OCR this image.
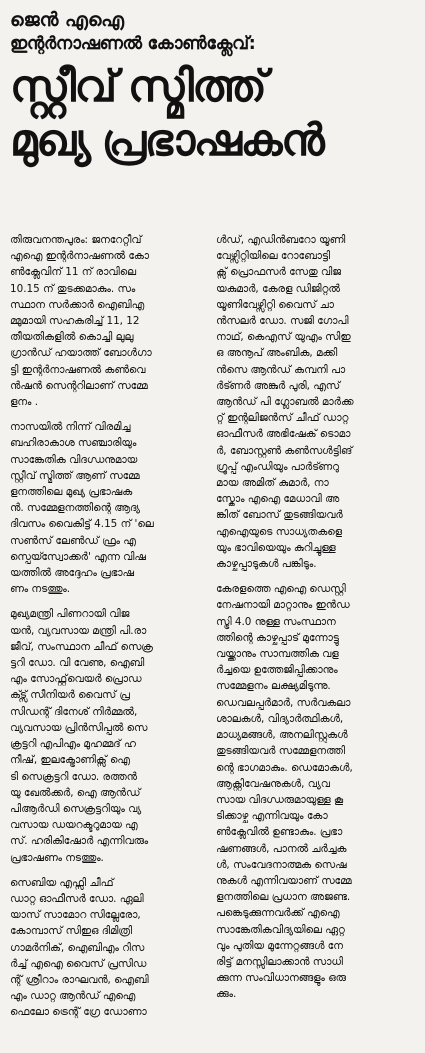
ജെൻ എഐ
ഇന്റർനാഷണൽ കോൺക്ലേവ്:
സ്റ്റീവ് സ്മിത്ത്
മുഖ്യ പ്രഭാഷകൻ

തിരുവനന്തപുരം: ജനറേറ്റീവ്
എഐ ഇന്റർനാഷണൽ കോ
ൺക്ലേവിന് 11 ന് രാവിലെ
10.15 ന് തുടക്കമാകും. സം
സ്ഥാന സർക്കാർ ഐബിഎ
മ്മുമായി സഹകരിച്ച് 11, 12
തീയതികളിൽ കൊച്ചി ലുലു
ഗ്രാൻഡ് ഹയാത്ത് ബോൾഗാ
ട്ടി ഇന്റർനാഷണൽ കൺവെ
ൻഷൻ സെന്ററിലാണ് സമ്മേ
ളനം .

നാസയിൽ നിന്ന് വിരമിച്ച
ബഹിരാകാശ സഞ്ചാരിയും
സാങ്കേതിക വിദഗ്ധനുമായ
സ്റ്റീവ് സ്മിത്ത് ആണ് സമ്മേ
ളനത്തിലെ മുഖ്യ പ്രഭാഷക
ൻ. സമ്മേളനത്തിന്റെ ആദ്യ
ദിവസം വൈകിട്ട് 4.15 ന് 'ലെ
സൺസ് ലേൺഡ് ഫ്രം എ
സ്പെയ്സ്വോക്കർ' എന്ന വിഷ
യത്തിൽ അദ്ദേഹം പ്രഭാഷ
ണം നടത്തും.

മുഖ്യമന്ത്രി പിണറായി വിജ
യൻ, വ്യവസായ മന്ത്രി പി.രാ
ജീവ്, സംസ്ഥാന ചീഫ് സെക്ര
ട്ടറി ഡോ. വി വേണു, ഐബി
എം സോഫ്റ്റ്‌വെയർ പ്രൊഡ
ക്ട്സ് സീനിയർ വൈസ് പ്ര
സിഡന്റ് ദിനേശ് നിർമ്മൽ,
വ്യവസായ പ്രിൻസിപ്പൽ സെ
ക്രട്ടറി എപിഎം മുഹമ്മദ് ഹ
നീഷ്, ഇലക്ട്രോണിക്സ് ഐ
ടി സെക്രട്ടറി ഡോ. രത്തൻ
യു ഖേൽക്കർ, ഐ ആൻഡ്
പിആർഡി സെക്രട്ടറിയും വ്യ
വസായ ഡയറക്ടറുമായ എ
സ്. ഹരികിഷോർ എന്നിവരും
പ്രഭാഷണം നടത്തും.

സെബിയ എഫ്സി ചീഫ്
ഡാറ്റ ഓഫീസർ ഡോ. ഏലി
യാസ് സാമോറ സില്ലേരോ,
കോമ്പാസ് സിഇഒ ദിമിത്രി
ഗാമർനിക്, ഐബിഎം റിസ
ർച്ച് എഐ വൈസ് പ്രസിഡ
ന്റ് ശ്രീറാം രാഘവൻ, ഐബി
എം ഡാറ്റ ആൻഡ് എഐ
ഫെലോ ട്രെന്റ് ഗ്രേ ഡോണാ

ൾഡ്, എഡിൻബറോ യൂണി
വേഴ്സിറ്റിയിലെ റോബോട്ടി
ക്സ് പ്രൊഫസർ സേതു വിജ
യകുമാർ, കേരള ഡിജിറ്റൽ
യൂണിവേഴ്സിറ്റി വൈസ് ചാ
ൻസലർ ഡോ. സജി ഗോപി
നാഥ്, കെഎസ് യുഎം സിഇ
ഒ അനൂപ് അംബിക, മക്കി
ൻസെ ആൻഡ് കമ്പനി പാ
ർട്ണർ അങ്കുർ പുരി, എസ്
ആൻഡ് പി ഗ്ലോബൽ മാർക്ക
റ്റ് ഇന്റലിജൻസ് ചീഫ് ഡാറ്റ
ഓഫീസർ അഭിഷേക് ടൊമാ
ർ, ബോസ്റ്റൺ കൺസൾട്ടിങ്
ഗ്രൂപ്പ് എംഡിയും പാർട്ണറു
മായ അമിത് കുമാർ, നാ
സ്കോം എഐ മേധാവി അ
ങ്കിത് ബോസ് തുടങ്ങിയവർ
എഐയുടെ സാധ്യതകളെ
യും ഭാവിയെയും കുറിച്ചുള്ള
കാഴ്ചപ്പാടുകൾ പങ്കിടും.

കേരളത്തെ എഐ ഡെസ്റ്റി
നേഷനായി മാറ്റാനും ഇൻഡ
സ്ട്രി 4.0 നുള്ള സംസ്ഥാന
ത്തിന്റെ കാഴ്ചപ്പാട് മുന്നോട്ടു
വയ്ക്കാനും സാമ്പത്തിക വള
ർച്ചയെ ഉത്തേജിപ്പിക്കാനും
സമ്മേളനം ലക്ഷ്യമിടുന്നു.
ഡെവലപ്പർമാർ, സർവകലാ
ശാലകൾ, വിദ്യാർത്ഥികൾ,
മാധ്യമങ്ങൾ, അനലിസ്റ്റുകൾ
തുടങ്ങിയവർ സമ്മേളനത്തി
ന്റെ ഭാഗമാകും. ഡെമോകൾ,
ആക്റ്റിവേഷനുകൾ, വ്യവ
സായ വിദഗ്ധരുമായുള്ള കൂ
ടിക്കാഴ്ച എന്നിവയും കോ
ൺക്ലേവിൽ ഉണ്ടാകും. പ്രഭാ
ഷണങ്ങൾ, പാനൽ ചർച്ചക
ൾ, സംവേദനാത്മക സെഷ
നുകൾ എന്നിവയാണ് സമ്മേ
ളനത്തിലെ പ്രധാന അജണ്ട.
പങ്കെടുക്കുന്നവർക്ക് എഐ
സാങ്കേതികവിദ്യയിലെ ഏറ്റ
വും പുതിയ മുന്നേറ്റങ്ങൾ നേ
രിട്ട് മനസ്സിലാക്കാൻ സാധി
ക്കുന്ന സംവിധാനങ്ങളും ഒരു
ക്കും.
